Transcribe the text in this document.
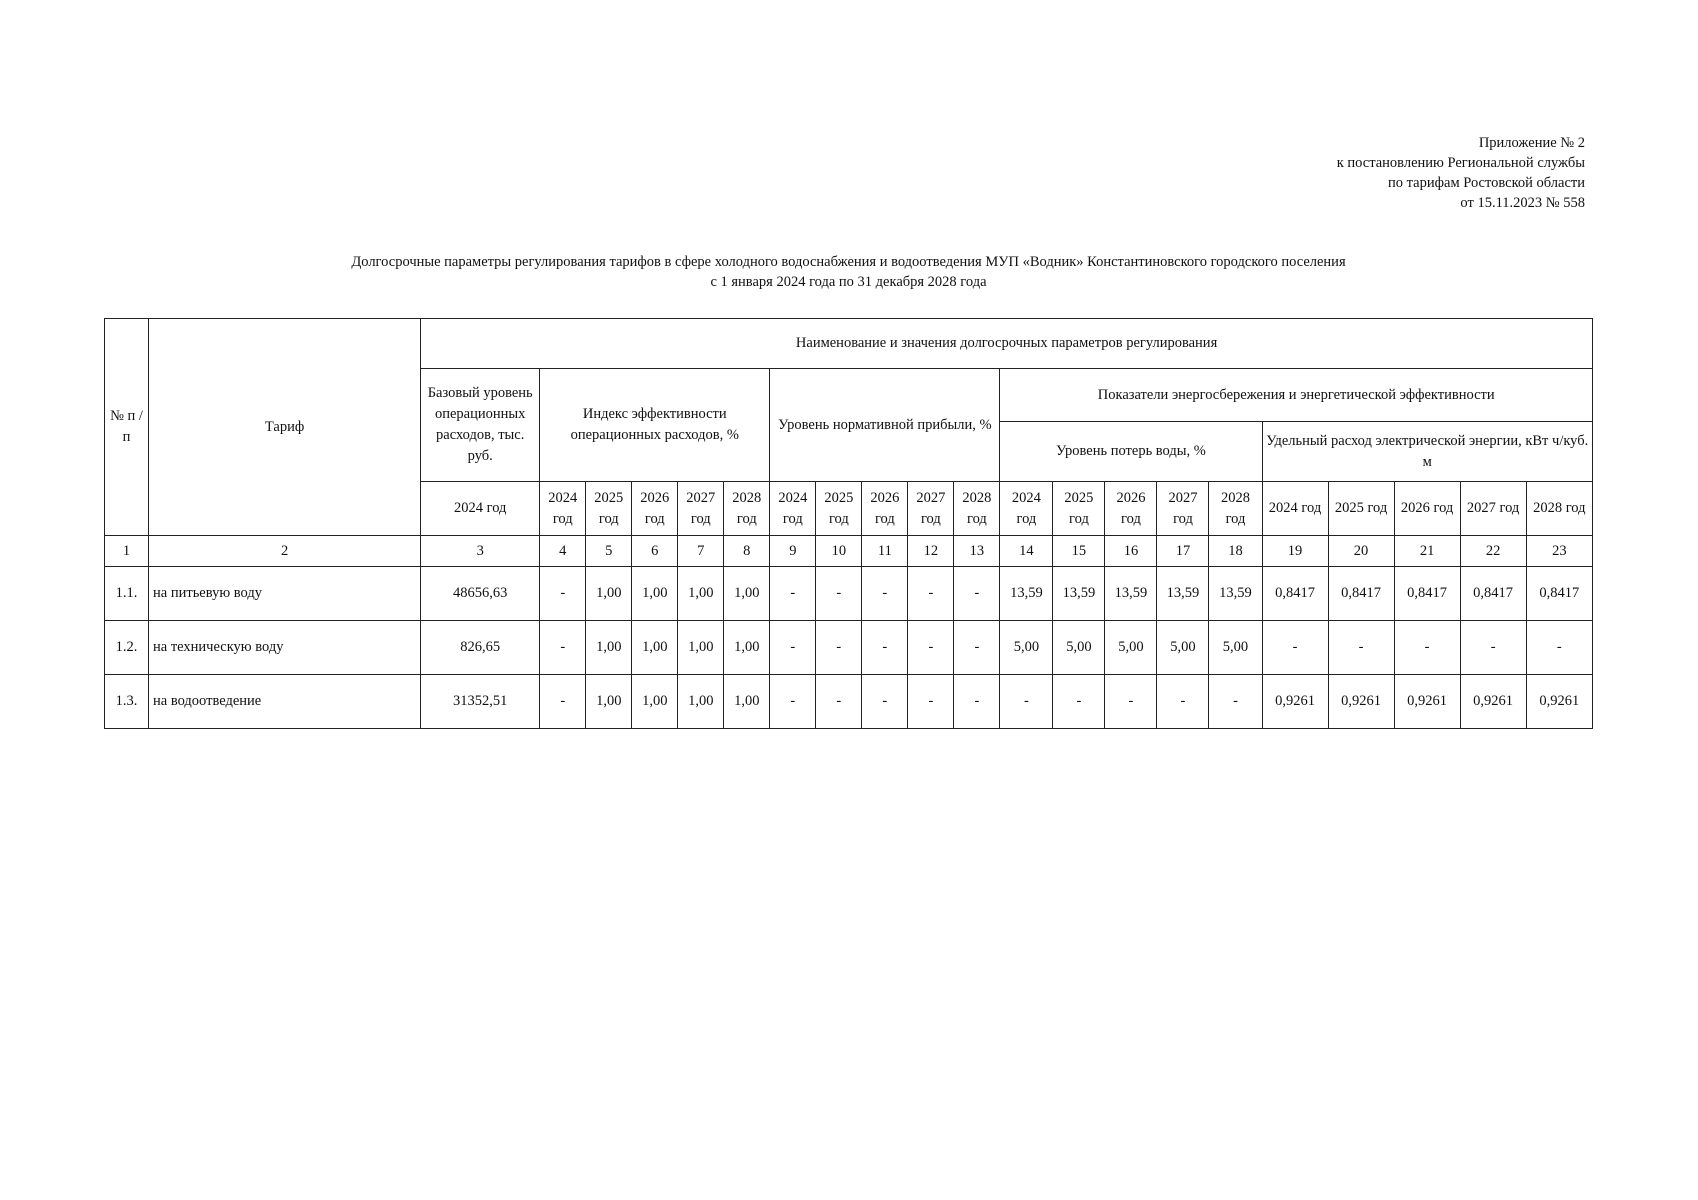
Приложение № 2
к постановлению Региональной службы
по тарифам Ростовской области
от 15.11.2023 № 558
Долгосрочные параметры регулирования тарифов в сфере холодного водоснабжения и водоотведения МУП «Водник» Константиновского городского поселения
с 1 января 2024 года по 31 декабря 2028 года
№ п /п	Тариф	Наименование и значения долгосрочных параметров регулирования																				
		Базовый уровень операционных расходов, тыс. руб.	Индекс эффективности операционных расходов, %					Уровень нормативной прибыли, %					Показатели энергосбережения и энергетической эффективности									
													Уровень потерь воды, %					Удельный расход электрической энергии, кВт ч/куб. м				
		2024 год	2024 год	2025 год	2026 год	2027 год	2028 год	2024 год	2025 год	2026 год	2027 год	2028 год	2024 год	2025 год	2026 год	2027 год	2028 год	2024 год	2025 год	2026 год	2027 год	2028 год
1	2	3	4	5	6	7	8	9	10	11	12	13	14	15	16	17	18	19	20	21	22	23
1.1.	на питьевую воду	48656,63	-	1,00	1,00	1,00	1,00	-	-	-	-	-	13,59	13,59	13,59	13,59	13,59	0,8417	0,8417	0,8417	0,8417	0,8417
1.2.	на техническую воду	826,65	-	1,00	1,00	1,00	1,00	-	-	-	-	-	5,00	5,00	5,00	5,00	5,00	-	-	-	-	-
1.3.	на водоотведение	31352,51	-	1,00	1,00	1,00	1,00	-	-	-	-	-	-	-	-	-	-	0,9261	0,9261	0,9261	0,9261	0,9261
